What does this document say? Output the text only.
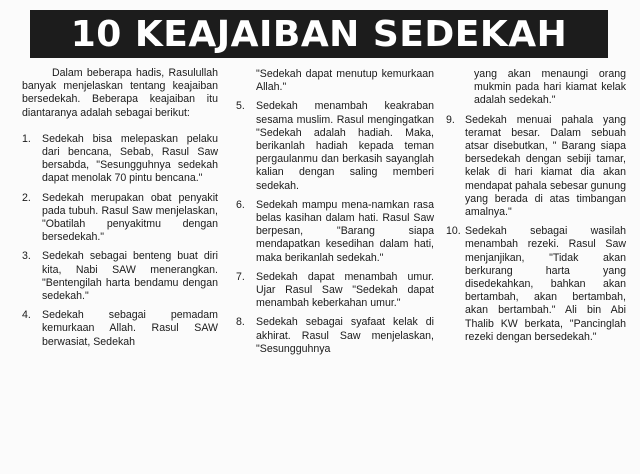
10 KEAJAIBAN SEDEKAH

Dalam beberapa hadis, Rasulullah banyak menjelaskan tentang keajaiban bersedekah. Beberapa keajaiban itu diantaranya adalah sebagai berikut:

1.	Sedekah bisa melepaskan pelaku dari bencana, Sebab, Rasul Saw bersabda, "Sesungguhnya sedekah dapat menolak 70 pintu bencana."
2.	Sedekah merupakan obat penyakit pada tubuh. Rasul Saw menjelaskan, "Obatilah penyakitmu dengan bersedekah."
3.	Sedekah sebagai benteng buat diri kita, Nabi SAW menerangkan. "Bentengilah harta bendamu dengan sedekah."
4.	Sedekah sebagai pemadam kemurkaan Allah. Rasul SAW berwasiat, Sedekah
"Sedekah dapat menutup kemurkaan Allah."
5.	Sedekah menambah keakraban sesama muslim. Rasul mengingatkan "Sedekah adalah hadiah. Maka, berikanlah hadiah kepada teman pergaulanmu dan berkasih sayanglah kalian dengan saling memberi sedekah.
6.	Sedekah mampu mena-namkan rasa belas kasihan dalam hati. Rasul Saw berpesan, "Barang siapa mendapatkan kesedihan dalam hati, maka berikanlah sedekah."
7.	Sedekah dapat menambah umur. Ujar Rasul Saw "Sedekah dapat menambah keberkahan umur."
8.	Sedekah sebagai syafaat kelak di akhirat. Rasul Saw menjelaskan, "Sesungguhnya
yang akan menaungi orang mukmin pada hari kiamat kelak adalah sedekah."
9. Sedekah menuai pahala yang teramat besar. Dalam sebuah atsar disebutkan, " Barang siapa bersedekah dengan sebiji tamar, kelak di hari kiamat dia akan mendapat pahala sebesar gunung yang berada di atas timbangan amalnya."
10. Sedekah sebagai wasilah menambah rezeki. Rasul Saw menjanjikan, "Tidak akan berkurang harta yang disedekahkan, bahkan akan bertambah, akan bertambah, akan bertambah." Ali bin Abi Thalib KW berkata, "Pancinglah rezeki dengan bersedekah."
